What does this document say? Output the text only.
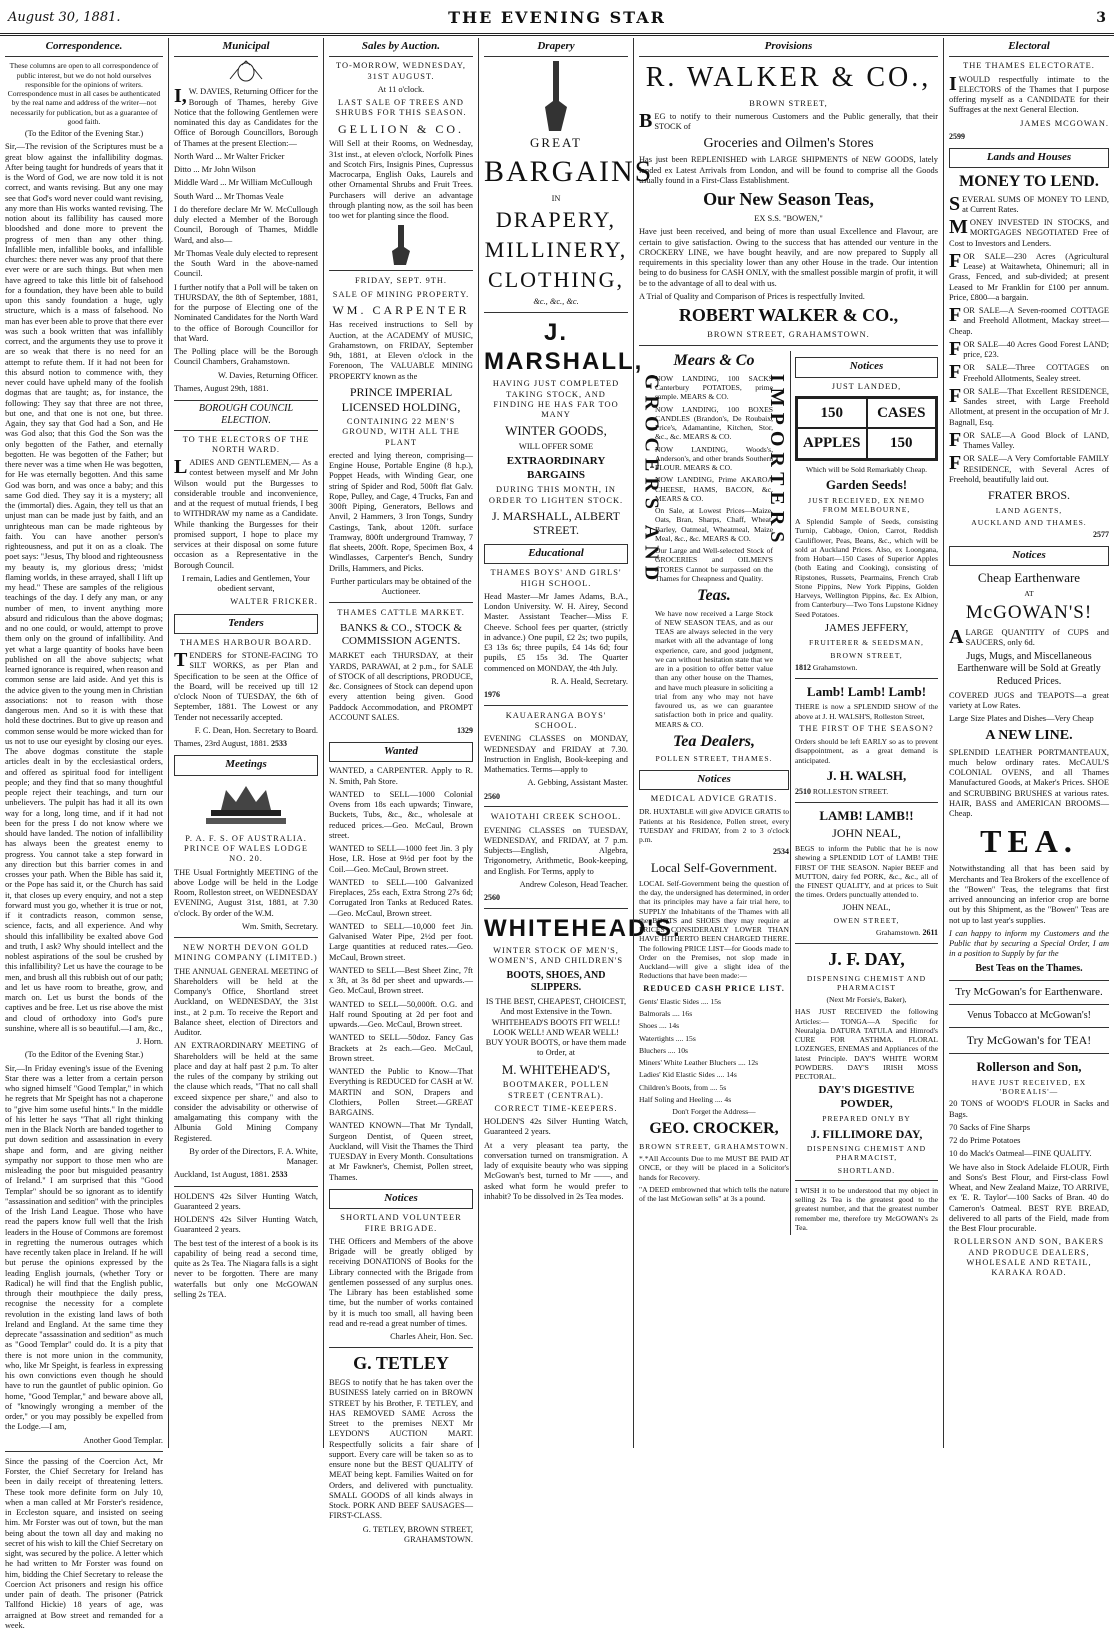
August 30, 1881.	THE EVENING STAR	3
Correspondence.

These columns are open to all correspondence of public interest, but we do not hold ourselves responsible for the opinions of writers. Correspondence must in all cases be authenticated by the real name and address of the writer—not necessarily for publication, but as a guarantee of good faith.

(To the Editor of the Evening Star.)

Sir,—The revision of the Scriptures must be a great blow against the infallibility dogmas. After being taught for hundreds of years that it is the Word of God, we are now told it is not correct, and wants revising. But any one may see that God's word never could want revising, any more than His works wanted revising. The notion about its fallibility has caused more bloodshed and done more to prevent the progress of men than any other thing. Infallible men, infallible books, and infallible churches: there never was any proof that there ever were or are such things. But when men have agreed to take this little bit of falsehood for a foundation, they have been able to build upon this sandy foundation a huge, ugly structure, which is a mass of falsehood. No man has ever been able to prove that there ever was such a book written that was infallibly correct, and the arguments they use to prove it are so weak that there is no need for an attempt to refute them. If it had not been for this absurd notion to commence with, they never could have upheld many of the foolish dogmas that are taught; as, for instance, the following: They say that three are not three, but one, and that one is not one, but three. Again, they say that God had a Son, and He was God also; that this God the Son was the only begotten of the Father, and eternally begotten. He was begotten of the Father; but there never was a time when He was begotten, for He was eternally begotten. And this same God was born, and was once a baby; and this same God died. They say it is a mystery; all the (immortal) dies. Again, they tell us that an unjust man can be made just by faith, and an unrighteous man can be made righteous by faith. You can have another person's righteousness, and put it on as a cloak. The poet says: "Jesus, Thy blood and righteousness my beauty is, my glorious dress; 'midst flaming worlds, in these arrayed, shall I lift up my head." These are samples of the religious teachings of the day. I defy any man, or any number of men, to invent anything more absurd and ridiculous than the above dogmas; and no one could, or would, attempt to prove them only on the ground of infallibility. And yet what a large quantity of books have been published on all the above subjects; what learned ignorance is required, when reason and common sense are laid aside. And yet this is the advice given to the young men in Christian associations: not to reason with those dangerous men. And so it is with these that hold these doctrines. But to give up reason and common sense would be more wicked than for us not to use our eyesight by closing our eyes. The above dogmas constitute the staple articles dealt in by the ecclesiastical orders, and offered as spiritual food for intelligent people; and they find that so many thoughtful people reject their teachings, and turn our unbelievers. The pulpit has had it all its own way for a long, long time, and if it had not been for the press I do not know where we should have landed. The notion of infallibility has always been the greatest enemy to progress. You cannot take a step forward in any direction but this barrier comes in and crosses your path. When the Bible has said it, or the Pope has said it, or the Church has said it, that closes up every enquiry, and not a step forward must you go, whether it is true or not, if it contradicts reason, common sense, science, facts, and all experience. And why should this infallibility be exalted above God and truth, I ask? Why should intellect and the noblest aspirations of the soul be crushed by this infallibility? Let us have the courage to be men, and brush all this rubbish out of our path; and let us have room to breathe, grow, and march on. Let us burst the bonds of the captives and be free. Let us rise above the mist and cloud of orthodoxy into God's pure sunshine, where all is so beautiful.—I am, &c.,

J. Horn.

(To the Editor of the Evening Star.)

Sir,—In Friday evening's issue of the Evening Star there was a letter from a certain person who signed himself "Good Templar," in which he regrets that Mr Speight has not a chaperone to "give him some useful hints." In the middle of his letter he says "That all right thinking men in the Black North are banded together to put down sedition and assassination in every shape and form, and are giving neither sympathy nor support to those men who are misleading the poor but misguided peasantry of Ireland." I am surprised that this "Good Templar" should be so ignorant as to identify "assassination and sedition" with the principles of the Irish Land League. Those who have read the papers know full well that the Irish leaders in the House of Commons are foremost in regretting the numerous outrages which have recently taken place in Ireland. If he will but peruse the opinions expressed by the leading English journals, (whether Tory or Radical) he will find that the English public, through their mouthpiece the daily press, recognise the necessity for a complete revolution in the existing land laws of both Ireland and England. At the same time they deprecate "assassination and sedition" as much as "Good Templar" could do. It is a pity that there is not more union in the community, who, like Mr Speight, is fearless in expressing his own convictions even though he should have to run the gauntlet of public opinion. Go home, "Good Templar," and beware above all, of "knowingly wronging a member of the order," or you may possibly be expelled from the Lodge.—I am,

Another Good Templar.

Since the passing of the Coercion Act, Mr Forster, the Chief Secretary for Ireland has been in daily receipt of threatening letters. These took more definite form on July 10, when a man called at Mr Forster's residence, in Eccleston square, and insisted on seeing him. Mr Forster was out of town, but the man being about the town all day and making no secret of his wish to kill the Chief Secretary on sight, was secured by the police. A letter which he had written to Mr Forster was found on him, bidding the Chief Secretary to release the Coercion Act prisoners and resign his office under pain of death. The prisoner (Patrick Tallfond Hickie) 18 years of age, was arraigned at Bow street and remanded for a week.

Municipal

I,W. DAVIES, Returning Officer for the Borough of Thames, hereby Give Notice that the following Gentlemen were nominated this day as Candidates for the Office of Borough Councillors, Borough of Thames at the present Election:—

North Ward ... Mr Walter Fricker

Ditto ... Mr John Wilson

Middle Ward ... Mr William McCullough

South Ward ... Mr Thomas Veale

I do therefore declare Mr W. McCullough duly elected a Member of the Borough Council, Borough of Thames, Middle Ward, and also—

Mr Thomas Veale duly elected to represent the South Ward in the above-named Council.

I further notify that a Poll will be taken on THURSDAY, the 8th of September, 1881, for the purpose of Electing one of the Nominated Candidates for the North Ward to the office of Borough Councillor for that Ward.

The Polling place will be the Borough Council Chambers, Grahamstown.

W. Davies, Returning Officer.

Thames, August 29th, 1881.

BOROUGH COUNCIL ELECTION.

TO THE ELECTORS OF THE NORTH WARD.

LADIES AND GENTLEMEN,— As a contest between myself and Mr John Wilson would put the Burgesses to considerable trouble and inconvenience, and at the request of mutual friends, I beg to WITHDRAW my name as a Candidate. While thanking the Burgesses for their promised support, I hope to place my services at their disposal on some future occasion as a Representative in the Borough Council.

I remain, Ladies and Gentlemen, Your obedient servant,

WALTER FRICKER.

Tenders

THAMES HARBOUR BOARD.

TENDERS for STONE-FACING TO SILT WORKS, as per Plan and Specification to be seen at the Office of the Board, will be received up till 12 o'clock Noon of TUESDAY, the 6th of September, 1881. The Lowest or any Tender not necessarily accepted.

F. C. Dean, Hon. Secretary to Board.

Thames, 23rd August, 1881. 2533

Meetings

P. A. F. S. OF AUSTRALIA. PRINCE OF WALES LODGE NO. 20.

THE Usual Fortnightly MEETING of the above Lodge will be held in the Lodge Room, Rolleston street, on WEDNESDAY EVENING, August 31st, 1881, at 7.30 o'clock. By order of the W.M.

Wm. Smith, Secretary.

NEW NORTH DEVON GOLD MINING COMPANY (LIMITED.)

THE ANNUAL GENERAL MEETING of Shareholders will be held at the Company's Office, Shortland street Auckland, on WEDNESDAY, the 31st inst., at 2 p.m. To receive the Report and Balance sheet, election of Directors and Auditor.

AN EXTRAORDINARY MEETING of Shareholders will be held at the same place and day at half past 2 p.m. To alter the rules of the company by striking out the clause which reads, "That no call shall exceed sixpence per share," and also to consider the advisability or otherwise of amalgamating this company with the Albunia Gold Mining Company Registered.

By order of the Directors, F. A. White, Manager.

Auckland, 1st August, 1881. 2533

HOLDEN'S 42s Silver Hunting Watch, Guaranteed 2 years.

HOLDEN'S 42s Silver Hunting Watch, Guaranteed 2 years.

The best test of the interest of a book is its capability of being read a second time, quite as 2s Tea. The Niagara falls is a sight never to be forgotten. There are many waterfalls but only one McGOWAN selling 2s TEA.

Sales by Auction.

TO-MORROW, WEDNESDAY, 31ST AUGUST.

At 11 o'clock.

LAST SALE OF TREES AND SHRUBS FOR THIS SEASON.

GELLION & CO.

Will Sell at their Rooms, on Wednesday, 31st inst., at eleven o'clock, Norfolk Pines and Scotch Firs, Insignis Pines, Cupressus Macrocarpa, English Oaks, Laurels and other Ornamental Shrubs and Fruit Trees. Purchasers will derive an advantage through planting now, as the soil has been too wet for planting since the flood.

FRIDAY, SEPT. 9TH.

SALE OF MINING PROPERTY.

WM. CARPENTER

Has received instructions to Sell by Auction, at the ACADEMY of MUSIC, Grahamstown, on FRIDAY, September 9th, 1881, at Eleven o'clock in the Forenoon, The VALUABLE MINING PROPERTY known as the

PRINCE IMPERIAL LICENSED HOLDING,

CONTAINING 22 MEN'S GROUND, WITH ALL THE PLANT

erected and lying thereon, comprising—Engine House, Portable Engine (8 h.p.), Poppet Heads, with Winding Gear, one string of Spider and Rod, 500ft flat Galv. Rope, Pulley, and Cage, 4 Trucks, Fan and 300ft Piping, Generators, Bellows and Anvil, 2 Hammers, 3 Iron Tongs, Sundry Castings, Tank, about 120ft. surface Tramway, 800ft underground Tramway, 7 flat sheets, 200ft. Rope, Specimen Box, 4 Windlasses, Carpenter's Bench, Sundry Drills, Hammers, and Picks.

Further particulars may be obtained of the Auctioneer.

THAMES CATTLE MARKET.

BANKS & CO., STOCK & COMMISSION AGENTS.

MARKET each THURSDAY, at their YARDS, PARAWAI, at 2 p.m., for SALE of STOCK of all descriptions, PRODUCE, &c. Consignees of Stock can depend upon every attention being given. Good Paddock Accommodation, and PROMPT ACCOUNT SALES.

1329

Wanted

WANTED, a CARPENTER. Apply to R. N. Smith, Pah Store.

WANTED to SELL—1000 Colonial Ovens from 18s each upwards; Tinware, Buckets, Tubs, &c., &c., wholesale at reduced prices.—Geo. McCaul, Brown street.

WANTED to SELL—1000 feet Jin. 3 ply Hose, I.R. Hose at 9½d per foot by the Coil.—Geo. McCaul, Brown street.

WANTED to SELL—100 Galvanized Fireplaces, 25s each, Extra Strong 27s 6d; Corrugated Iron Tanks at Reduced Rates.—Geo. McCaul, Brown street.

WANTED to SELL—10,000 feet Jin. Galvanised Water Pipe, 2½d per foot. Large quantities at reduced rates.—Geo. McCaul, Brown street.

WANTED to SELL—Best Sheet Zinc, 7ft x 3ft, at 3s 8d per sheet and upwards.—Geo. McCaul, Brown street.

WANTED to SELL—50,000ft. O.G. and Half round Spouting at 2d per foot and upwards.—Geo. McCaul, Brown street.

WANTED to SELL—50doz. Fancy Gas Brackets at 2s each.—Geo. McCaul, Brown street.

WANTED the Public to Know—That Everything is REDUCED for CASH at W. MARTIN and SON, Drapers and Clothiers, Pollen Street.—GREAT BARGAINS.

WANTED KNOWN—That Mr Tyndall, Surgeon Dentist, of Queen street, Auckland, will Visit the Thames the Third TUESDAY in Every Month. Consultations at Mr Fawkner's, Chemist, Pollen street, Thames.

Notices

SHORTLAND VOLUNTEER FIRE BRIGADE.

THE Officers and Members of the above Brigade will be greatly obliged by receiving DONATIONS of Books for the Library connected with the Brigade from gentlemen possessed of any surplus ones. The Library has been established some time, but the number of works contained by it is much too small, all having been read and re-read a great number of times.

Charles Aheir, Hon. Sec.

G. TETLEY

BEGS to notify that he has taken over the BUSINESS lately carried on in BROWN STREET by his Brother, F. TETLEY, and HAS REMOVED SAME Across the Street to the premises NEXT Mr LEYDON'S AUCTION MART. Respectfully solicits a fair share of support. Every care will be taken so as to ensure none but the BEST QUALITY of MEAT being kept. Families Waited on for Orders, and delivered with punctuality. SMALL GOODS of all kinds always in Stock. PORK AND BEEF SAUSAGES—FIRST-CLASS.

G. TETLEY, BROWN STREET, GRAHAMSTOWN.

Drapery

GREAT

BARGAINS

IN

DRAPERY,

MILLINERY,

CLOTHING,

&c., &c., &c.

J. MARSHALL,

HAVING JUST COMPLETED TAKING STOCK, AND FINDING HE HAS FAR TOO MANY

WINTER GOODS,

WILL OFFER SOME

EXTRAORDINARY BARGAINS

DURING THIS MONTH, IN ORDER TO LIGHTEN STOCK.

J. MARSHALL, ALBERT STREET.

Educational

THAMES BOYS' AND GIRLS' HIGH SCHOOL.

Head Master—Mr James Adams, B.A., London University. W. H. Airey, Second Master. Assistant Teacher—Miss F. Cheeve. School fees per quarter, (strictly in advance.) One pupil, £2 2s; two pupils, £3 13s 6s; three pupils, £4 14s 6d; four pupils, £5 15s 3d. The Quarter commenced on MONDAY, the 4th July.

R. A. Heald, Secretary.

1976

KAUAERANGA BOYS' SCHOOL.

EVENING CLASSES on MONDAY, WEDNESDAY and FRIDAY at 7.30. Instruction in English, Book-keeping and Mathematics. Terms—apply to

A. Gebbing, Assistant Master.

2560

WAIOTAHI CREEK SCHOOL.

EVENING CLASSES on TUESDAY, WEDNESDAY, and FRIDAY, at 7 p.m. Subjects—English, Algebra, Trigonometry, Arithmetic, Book-keeping, and English. For Terms, apply to

Andrew Coleson, Head Teacher.

2560

WHITEHEAD'S.

WINTER STOCK OF MEN'S, WOMEN'S, AND CHILDREN'S

BOOTS, SHOES, AND SLIPPERS.

IS THE BEST, CHEAPEST, CHOICEST, And most Extensive in the Town. WHITEHEAD'S BOOTS FIT WELL! LOOK WELL! AND WEAR WELL! BUY YOUR BOOTS, or have them made to Order, at

M. WHITEHEAD'S,

BOOTMAKER, POLLEN STREET (CENTRAL).

CORRECT TIME-KEEPERS.

HOLDEN'S 42s Silver Hunting Watch, Guaranteed 2 years.

At a very pleasant tea party, the conversation turned on transmigration. A lady of exquisite beauty who was sipping McGowan's best, turned to Mr ——, and asked what form he would prefer to inhabit? To be dissolved in 2s Tea modes.

Provisions

R. WALKER & CO.,

BROWN STREET,

BEG to notify to their numerous Customers and the Public generally, that their STOCK of

Groceries and Oilmen's Stores

Has just been REPLENISHED with LARGE SHIPMENTS of NEW GOODS, lately landed ex Latest Arrivals from London, and will be found to comprise all the Goods usually found in a First-Class Establishment.

Our New Season Teas,

EX S.S. "BOWEN,"

Have just been received, and being of more than usual Excellence and Flavour, are certain to give satisfaction. Owing to the success that has attended our venture in the CROCKERY LINE, we have bought heavily, and are now prepared to Supply all requirements in this speciality lower than any other House in the trade. Our intention being to do business for CASH ONLY, with the smallest possible margin of profit, it will be to the advantage of all to deal with us.

A Trial of Quality and Comparison of Prices is respectfully Invited.

ROBERT WALKER & CO.,

BROWN STREET, GRAHAMSTOWN.

Mears & Co

GROCERS AND	IMPORTERS

NOW LANDING, 100 SACKS Canterbury POTATOES, prime sample. MEARS & CO.

NOW LANDING, 100 BOXES CANDLES (Brandon's, De Roubaix, Price's, Adamantine, Kitchen, Stor, &c., &c. MEARS & CO.

NOW LANDING, Woods's, Anderson's, and other brands Southern FLOUR. MEARS & CO.

NOW LANDING, Prime AKAROA CHEESE, HAMS, BACON, &c. MEARS & CO.

On Sale, at Lowest Prices—Maize, Oats, Bran, Sharps, Chaff, Wheat, Barley, Oatmeal, Wheatmeal, Maize Meal, &c., &c. MEARS & CO.

Our Large and Well-selected Stock of GROCERIES and OILMEN'S STORES Cannot be surpassed on the Thames for Cheapness and Quality.

Teas.

We have now received a Large Stock of NEW SEASON TEAS, and as our TEAS are always selected in the very market with all the advantage of long experience, care, and good judgment, we can without hesitation state that we are in a position to offer better value than any other house on the Thames, and have much pleasure in soliciting a trial from any who may not have favoured us, as we can guarantee satisfaction both in price and quality. MEARS & CO.

Tea Dealers,

POLLEN STREET, THAMES.

Notices

MEDICAL ADVICE GRATIS.

DR. HUXTABLE will give ADVICE GRATIS to Patients at his Residence, Pollen street, every TUESDAY and FRIDAY, from 2 to 3 o'clock p.m.

2534

Local Self-Government.

LOCAL Self-Government being the question of the day, the undersigned has determined, in order that its principles may have a fair trial here, to SUPPLY the Inhabitants of the Thames with all the BOOTS and SHOES they may require at PRICES CONSIDERABLY LOWER THAN HAVE HITHERTO BEEN CHARGED THERE. The following PRICE LIST—for Goods made to Order on the Premises, not slop made in Auckland—will give a slight idea of the Reductions that have been made:—

REDUCED CASH PRICE LIST.

Gents' Elastic Sides .... 15s

Balmorals .... 16s

Shoes .... 14s

Watertights .... 15s

Bluchers .... 10s

Miners' White Leather Bluchers .... 12s

Ladies' Kid Elastic Sides .... 14s

Children's Boots, from .... 5s

Half Soling and Heeling .... 4s

Don't Forget the Address—

GEO. CROCKER,

BROWN STREET, GRAHAMSTOWN.

*.*All Accounts Due to me MUST BE PAID AT ONCE, or they will be placed in a Solicitor's hands for Recovery.

"A DEED embrowned that which tells the nature of the last McGowan sells" at 3s a pound.

Notices

JUST LANDED,

150	CASES
APPLES	150

Which will be Sold Remarkably Cheap.

Garden Seeds!

JUST RECEIVED, EX NEMO FROM MELBOURNE,

A Splendid Sample of Seeds, consisting Turnip, Cabbage, Onion, Carrot, Reddish Cauliflower, Peas, Beans, &c., which will be sold at Auckland Prices. Also, ex Loongana, from Hobart—150 Cases of Superior Apples (both Eating and Cooking), consisting of Ripstones, Russets, Pearmains, French Crab Stone Pippins, New York Pippins, Golden Harveys, Wellington Pippins, &c. Ex Albion, from Canterbury—Two Tons Lupstone Kidney Seed Potatoes.

JAMES JEFFERY,

FRUITERER & SEEDSMAN,

BROWN STREET,

1812 Grahamstown.

Lamb! Lamb! Lamb!

THERE is now a SPLENDID SHOW of the above at J. H. WALSH'S, Rolleston Street,

THE FIRST OF THE SEASON?

Orders should be left EARLY so as to prevent disappointment, as a great demand is anticipated.

J. H. WALSH,

2510 ROLLESTON STREET.

LAMB! LAMB!!

JOHN NEAL,

BEGS to inform the Public that he is now shewing a SPLENDID LOT of LAMB! THE FIRST OF THE SEASON. Napier BEEF and MUTTON, dairy fed PORK, &c., &c., all of the FINEST QUALITY, and at prices to Suit the times. Orders punctually attended to.

JOHN NEAL,

OWEN STREET,

Grahamstown. 2611

J. F. DAY,

DISPENSING CHEMIST AND PHARMACIST

(Next Mr Forsie's, Baker),

HAS JUST RECEIVED the following Articles:— TONGA—A Specific for Neuralgia. DATURA TATULA and Himrod's CURE FOR ASTHMA. FLORAL LOZENGES, ENEMAS and Appliances of the latest Principle. DAY'S WHITE WORM POWDERS. DAY'S IRISH MOSS PECTORAL.

DAY'S DIGESTIVE POWDER,

PREPARED ONLY BY

J. FILLIMORE DAY,

DISPENSING CHEMIST AND PHARMACIST,

SHORTLAND.

I WISH it to be understood that my object in selling 2s Tea is the greatest good to the greatest number, and that the greatest number remember me, therefore try McGOWAN's 2s Tea.

Electoral

THE THAMES ELECTORATE.

IWOULD respectfully intimate to the ELECTORS of the Thames that I purpose offering myself as a CANDIDATE for their Suffrages at the next General Election.

JAMES MCGOWAN.

2599

Lands and Houses

MONEY TO LEND.

SEVERAL SUMS OF MONEY TO LEND, at Current Rates.

MONEY INVESTED IN STOCKS, and MORTGAGES NEGOTIATED Free of Cost to Investors and Lenders.

FOR SALE—230 Acres (Agricultural Lease) at Waitawheta, Ohinemuri; all in Grass, Fenced, and sub-divided; at present Leased to Mr Franklin for £100 per annum. Price, £800—a bargain.

FOR SALE—A Seven-roomed COTTAGE and Freehold Allotment, Mackay street—Cheap.

FOR SALE—40 Acres Good Forest LAND; price, £23.

FOR SALE—Three COTTAGES on Freehold Allotments, Sealey street.

FOR SALE—That Excellent RESIDENCE, Sandes street, with Large Freehold Allotment, at present in the occupation of Mr J. Bagnall, Esq.

FOR SALE—A Good Block of LAND, Thames Valley.

FOR SALE—A Very Comfortable FAMILY RESIDENCE, with Several Acres of Freehold, beautifully laid out.

FRATER BROS.

LAND AGENTS,

AUCKLAND AND THAMES.

2577

Notices

Cheap Earthenware

AT

McGOWAN'S!

ALARGE QUANTITY of CUPS and SAUCERS, only 6d.

Jugs, Mugs, and Miscellaneous Earthenware will be Sold at Greatly Reduced Prices.

COVERED JUGS and TEAPOTS—a great variety at Low Rates.

Large Size Plates and Dishes—Very Cheap

A NEW LINE.

SPLENDID LEATHER PORTMANTEAUX, much below ordinary rates. McCAUL'S COLONIAL OVENS, and all Thames Manufactured Goods, at Maker's Prices. SHOE and SCRUBBING BRUSHES at various rates. HAIR, BASS and AMERICAN BROOMS—Cheap.

TEA.

Notwithstanding all that has been said by Merchants and Tea Brokers of the excellence of the "Bowen" Teas, the telegrams that first arrived announcing an inferior crop are borne out by this Shipment, as the "Bowen" Teas are not up to last year's supplies.

I can happy to inform my Customers and the Public that by securing a Special Order, I am in a position to Supply by far the

Best Teas on the Thames.

Try McGowan's for Earthenware.

Venus Tobacco at McGowan's!

Try McGowan's for TEA!

Rollerson and Son,

HAVE JUST RECEIVED, EX 'BOREALIS'—

20 TONS of WOOD'S FLOUR in Sacks and Bags.

70 Sacks of Fine Sharps

72 do Prime Potatoes

10 do Mack's Oatmeal—FINE QUALITY.

We have also in Stock Adelaide FLOUR, Firth and Sons's Best Flour, and First-class Fowl Wheat, and New Zealand Maize, TO ARRIVE, ex 'E. R. Taylor'—100 Sacks of Bran. 40 do Cameron's Oatmeal. BEST RYE BREAD, delivered to all parts of the Field, made from the Best Flour procurable.

ROLLERSON AND SON, BAKERS AND PRODUCE DEALERS, WHOLESALE AND RETAIL, KARAKA ROAD.
